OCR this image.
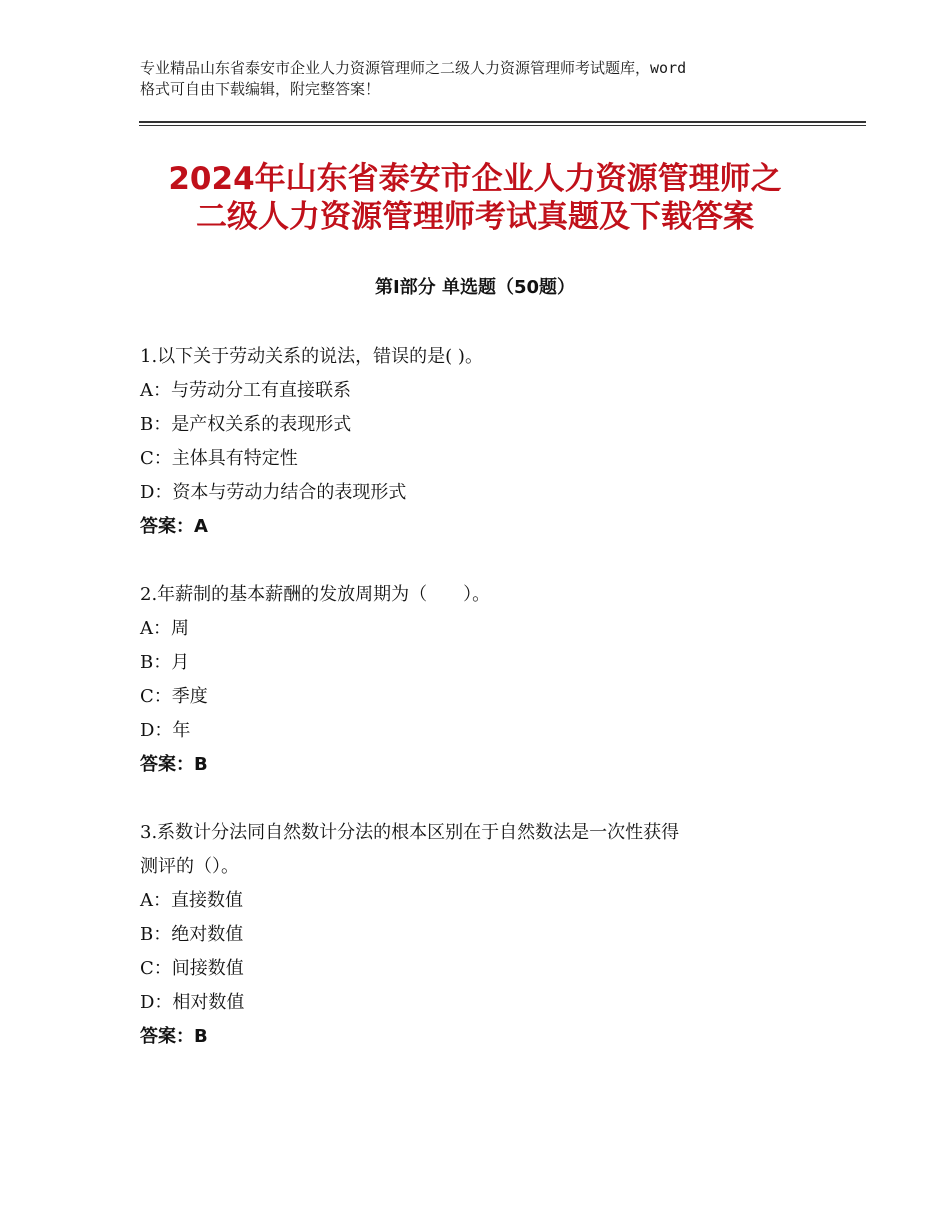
专业精品山东省泰安市企业人力资源管理师之二级人力资源管理师考试题库，word
格式可自由下载编辑，附完整答案！
2024年山东省泰安市企业人力资源管理师之
二级人力资源管理师考试真题及下载答案
第Ⅰ部分 单选题（50题）
1.以下关于劳动关系的说法，错误的是( )。
A：与劳动分工有直接联系
B：是产权关系的表现形式
C：主体具有特定性
D：资本与劳动力结合的表现形式
答案：A
2.年薪制的基本薪酬的发放周期为（　　）。
A：周
B：月
C：季度
D：年
答案：B
3.系数计分法同自然数计分法的根本区别在于自然数法是一次性获得
测评的（）。
A：直接数值
B：绝对数值
C：间接数值
D：相对数值
答案：B
